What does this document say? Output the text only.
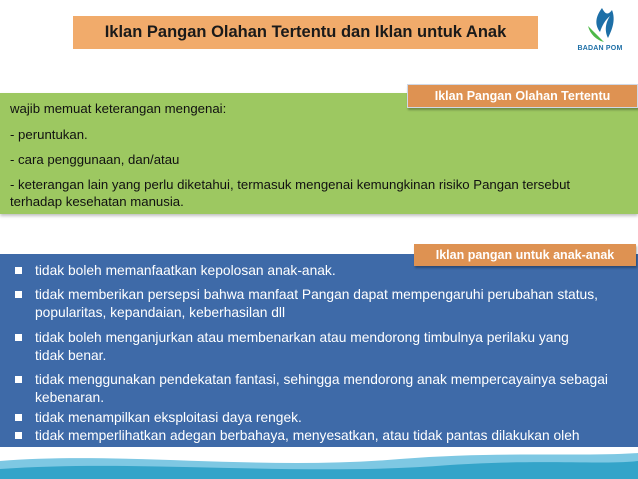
Iklan Pangan Olahan Tertentu dan Iklan untuk Anak
BADAN POM
wajib memuat keterangan mengenai:
- peruntukan.
- cara penggunaan, dan/atau
- keterangan lain yang perlu diketahui, termasuk mengenai kemungkinan risiko Pangan tersebut
terhadap kesehatan manusia.
Iklan Pangan Olahan Tertentu
tidak boleh memanfaatkan kepolosan anak-anak.
tidak memberikan persepsi bahwa manfaat Pangan dapat mempengaruhi perubahan status,
popularitas, kepandaian, keberhasilan dll
tidak boleh menganjurkan atau membenarkan atau mendorong timbulnya perilaku yang
tidak benar.
tidak menggunakan pendekatan fantasi, sehingga mendorong anak mempercayainya sebagai
kebenaran.
tidak menampilkan eksploitasi daya rengek.
tidak memperlihatkan adegan berbahaya, menyesatkan, atau tidak pantas dilakukan oleh
anak.
Iklan pangan untuk anak-anak
